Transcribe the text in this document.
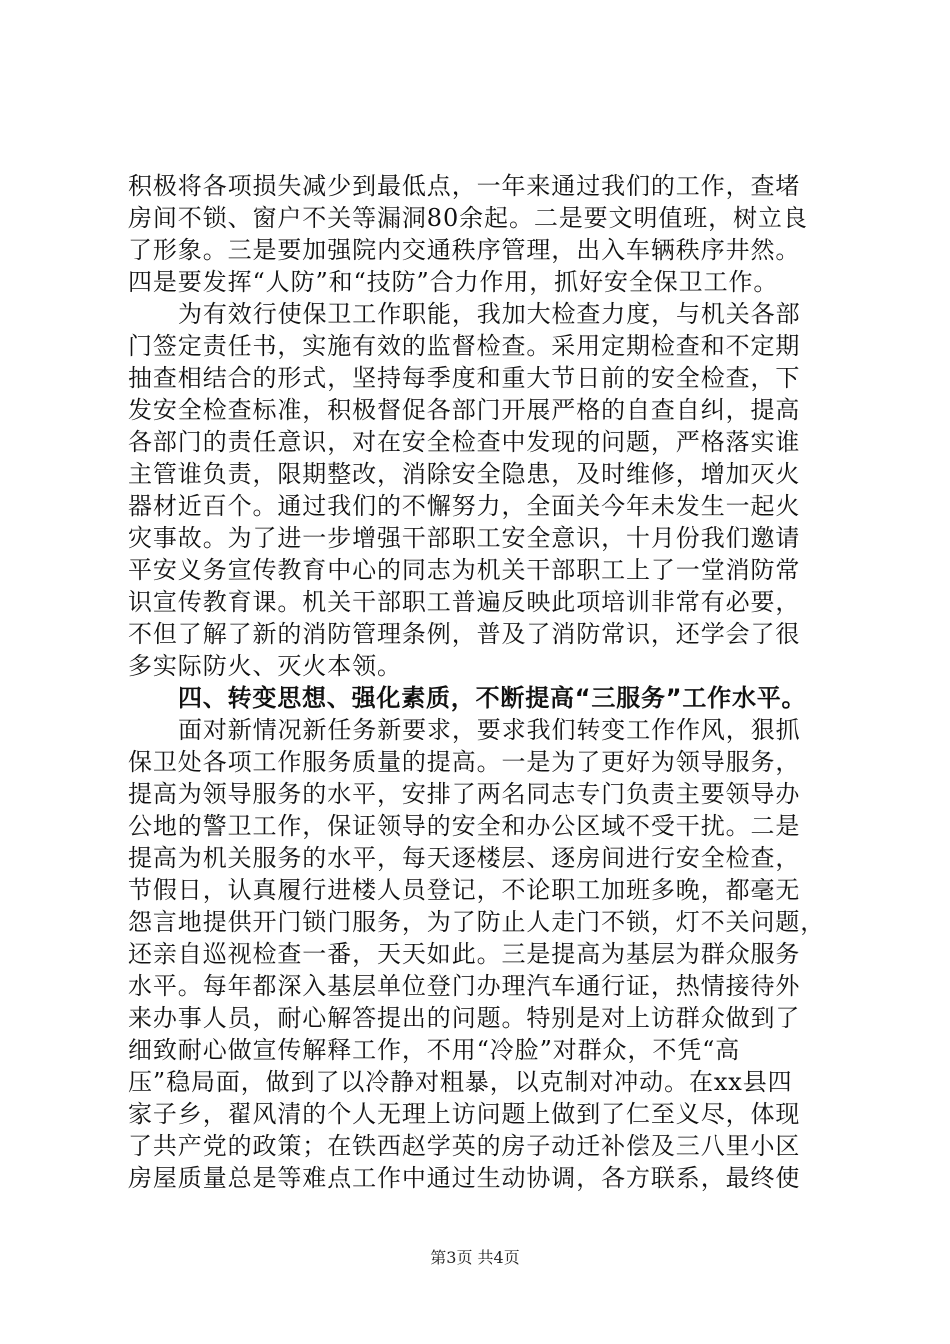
积极将各项损失减少到最低点，一年来通过我们的工作，查堵
房间不锁、窗户不关等漏洞80余起。二是要文明值班，树立良
了形象。三是要加强院内交通秩序管理，出入车辆秩序井然。
四是要发挥“人防”和“技防”合力作用，抓好安全保卫工作。
为有效行使保卫工作职能，我加大检查力度，与机关各部
门签定责任书，实施有效的监督检查。采用定期检查和不定期
抽查相结合的形式，坚持每季度和重大节日前的安全检查，下
发安全检查标准，积极督促各部门开展严格的自查自纠，提高
各部门的责任意识，对在安全检查中发现的问题，严格落实谁
主管谁负责，限期整改，消除安全隐患，及时维修，增加灭火
器材近百个。通过我们的不懈努力，全面关今年未发生一起火
灾事故。为了进一步增强干部职工安全意识，十月份我们邀请
平安义务宣传教育中心的同志为机关干部职工上了一堂消防常
识宣传教育课。机关干部职工普遍反映此项培训非常有必要，
不但了解了新的消防管理条例，普及了消防常识，还学会了很
多实际防火、灭火本领。
四、转变思想、强化素质，不断提高“三服务”工作水平。
面对新情况新任务新要求，要求我们转变工作作风，狠抓
保卫处各项工作服务质量的提高。一是为了更好为领导服务，
提高为领导服务的水平，安排了两名同志专门负责主要领导办
公地的警卫工作，保证领导的安全和办公区域不受干扰。二是
提高为机关服务的水平，每天逐楼层、逐房间进行安全检查，
节假日，认真履行进楼人员登记，不论职工加班多晚，都毫无
怨言地提供开门锁门服务，为了防止人走门不锁，灯不关问题，
还亲自巡视检查一番，天天如此。三是提高为基层为群众服务
水平。每年都深入基层单位登门办理汽车通行证，热情接待外
来办事人员，耐心解答提出的问题。特别是对上访群众做到了
细致耐心做宣传解释工作，不用“冷脸”对群众，不凭“高
压”稳局面，做到了以冷静对粗暴，以克制对冲动。在xx县四
家子乡，翟风清的个人无理上访问题上做到了仁至义尽，体现
了共产党的政策；在铁西赵学英的房子动迁补偿及三八里小区
房屋质量总是等难点工作中通过生动协调，各方联系，最终使
第3页 共4页
